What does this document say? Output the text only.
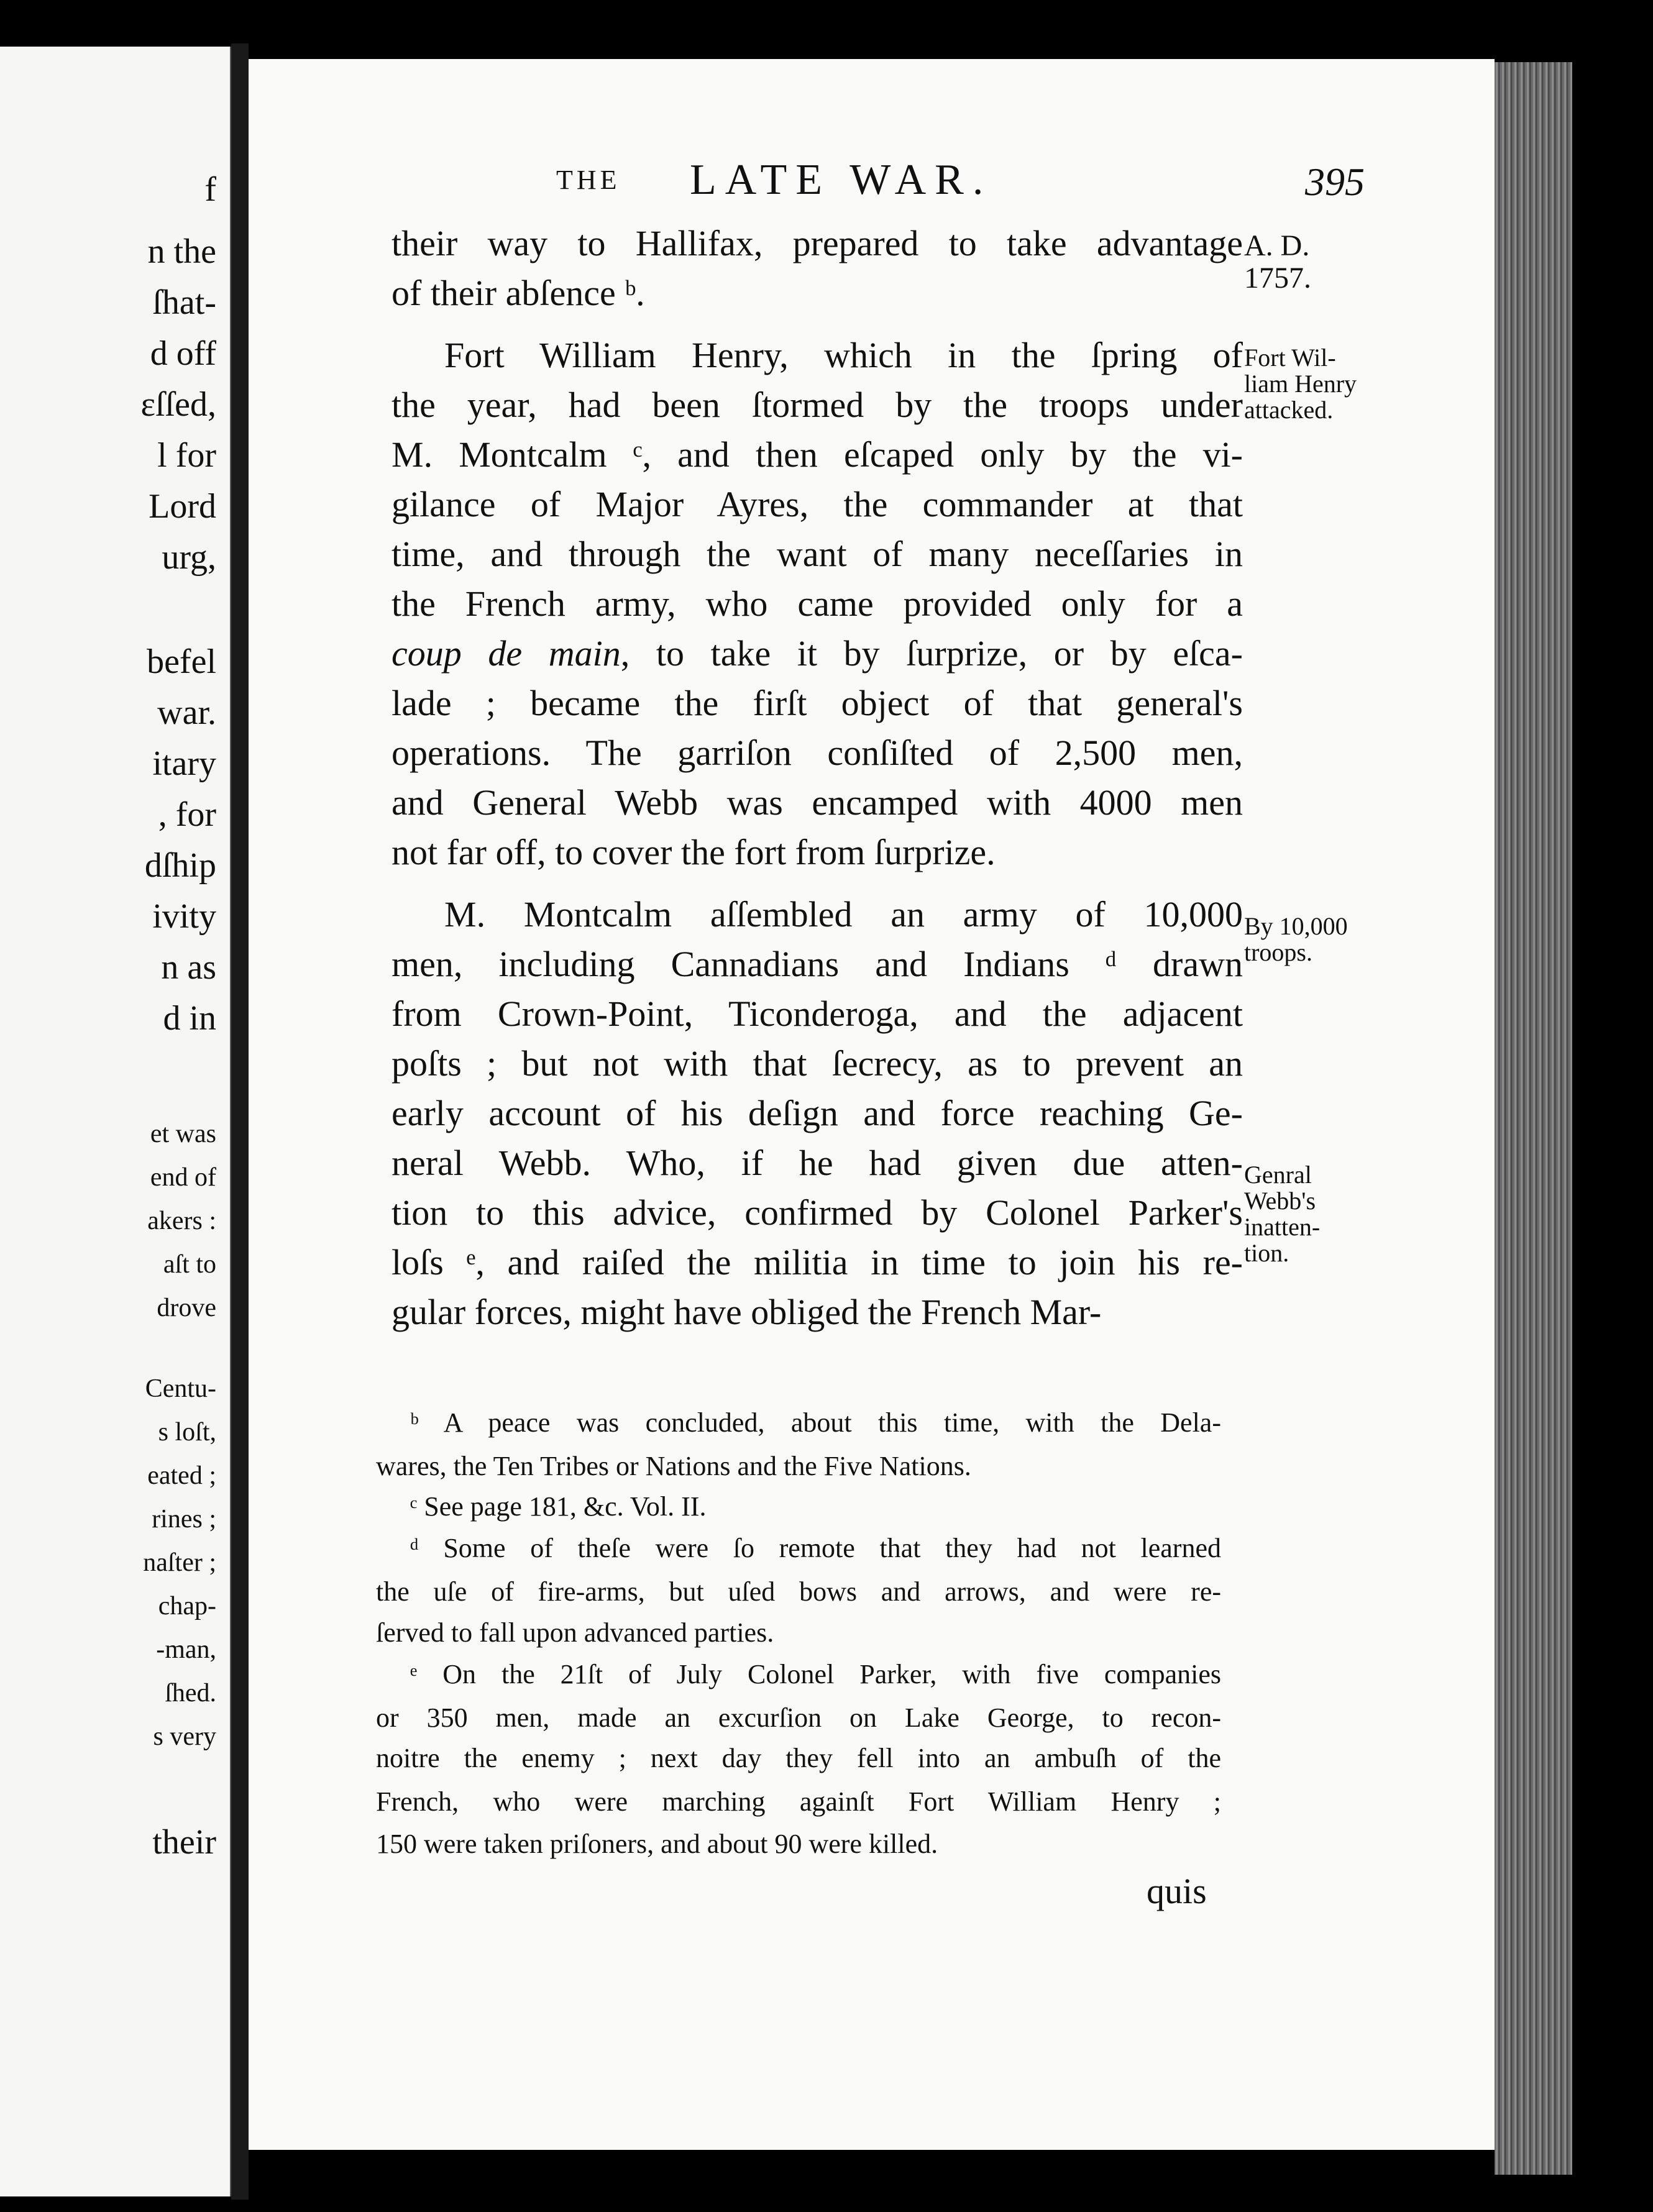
f
n the
ſhat-
d off
ɛſſed,
l for
Lord
urg,
befel
war.
itary
, for
dſhip
ivity
n as
d in
et was
end of
akers :
aſt to
drove
Centu-
s loſt,
eated ;
rines ;
naſter ;
chap-
-man,
ſhed.
s very
their
THE LATE WAR.	395
their way to Hallifax, prepared to take advantage
of their abſence ᵇ.
Fort William Henry, which in the ſpring of
the year, had been ſtormed by the troops under
M. Montcalm ᶜ, and then eſcaped only by the vi-
gilance of Major Ayres, the commander at that
time, and through the want of many neceſſaries in
the French army, who came provided only for a
coup de main, to take it by ſurprize, or by eſca-
lade ; became the firſt object of that general's
operations. The garriſon conſiſted of 2,500 men,
and General Webb was encamped with 4000 men
not far off, to cover the fort from ſurprize.
M. Montcalm aſſembled an army of 10,000
men, including Cannadians and Indians ᵈ drawn
from Crown-Point, Ticonderoga, and the adjacent
poſts ; but not with that ſecrecy, as to prevent an
early account of his deſign and force reaching Ge-
neral Webb. Who, if he had given due atten-
tion to this advice, confirmed by Colonel Parker's
loſs ᵉ, and raiſed the militia in time to join his re-
gular forces, might have obliged the French Mar-
A. D.
1757.
Fort Wil-
liam Henry
attacked.
By 10,000
troops.
Genral
Webb's
inatten-
tion.
ᵇ A peace was concluded, about this time, with the Dela-
wares, the Ten Tribes or Nations and the Five Nations.
ᶜ See page 181, &c. Vol. II.
ᵈ Some of theſe were ſo remote that they had not learned
the uſe of fire-arms, but uſed bows and arrows, and were re-
ſerved to fall upon advanced parties.
ᵉ On the 21ſt of July Colonel Parker, with five companies
or 350 men, made an excurſion on Lake George, to recon-
noitre the enemy ; next day they fell into an ambuſh of the
French, who were marching againſt Fort William Henry ;
150 were taken priſoners, and about 90 were killed.
quis
